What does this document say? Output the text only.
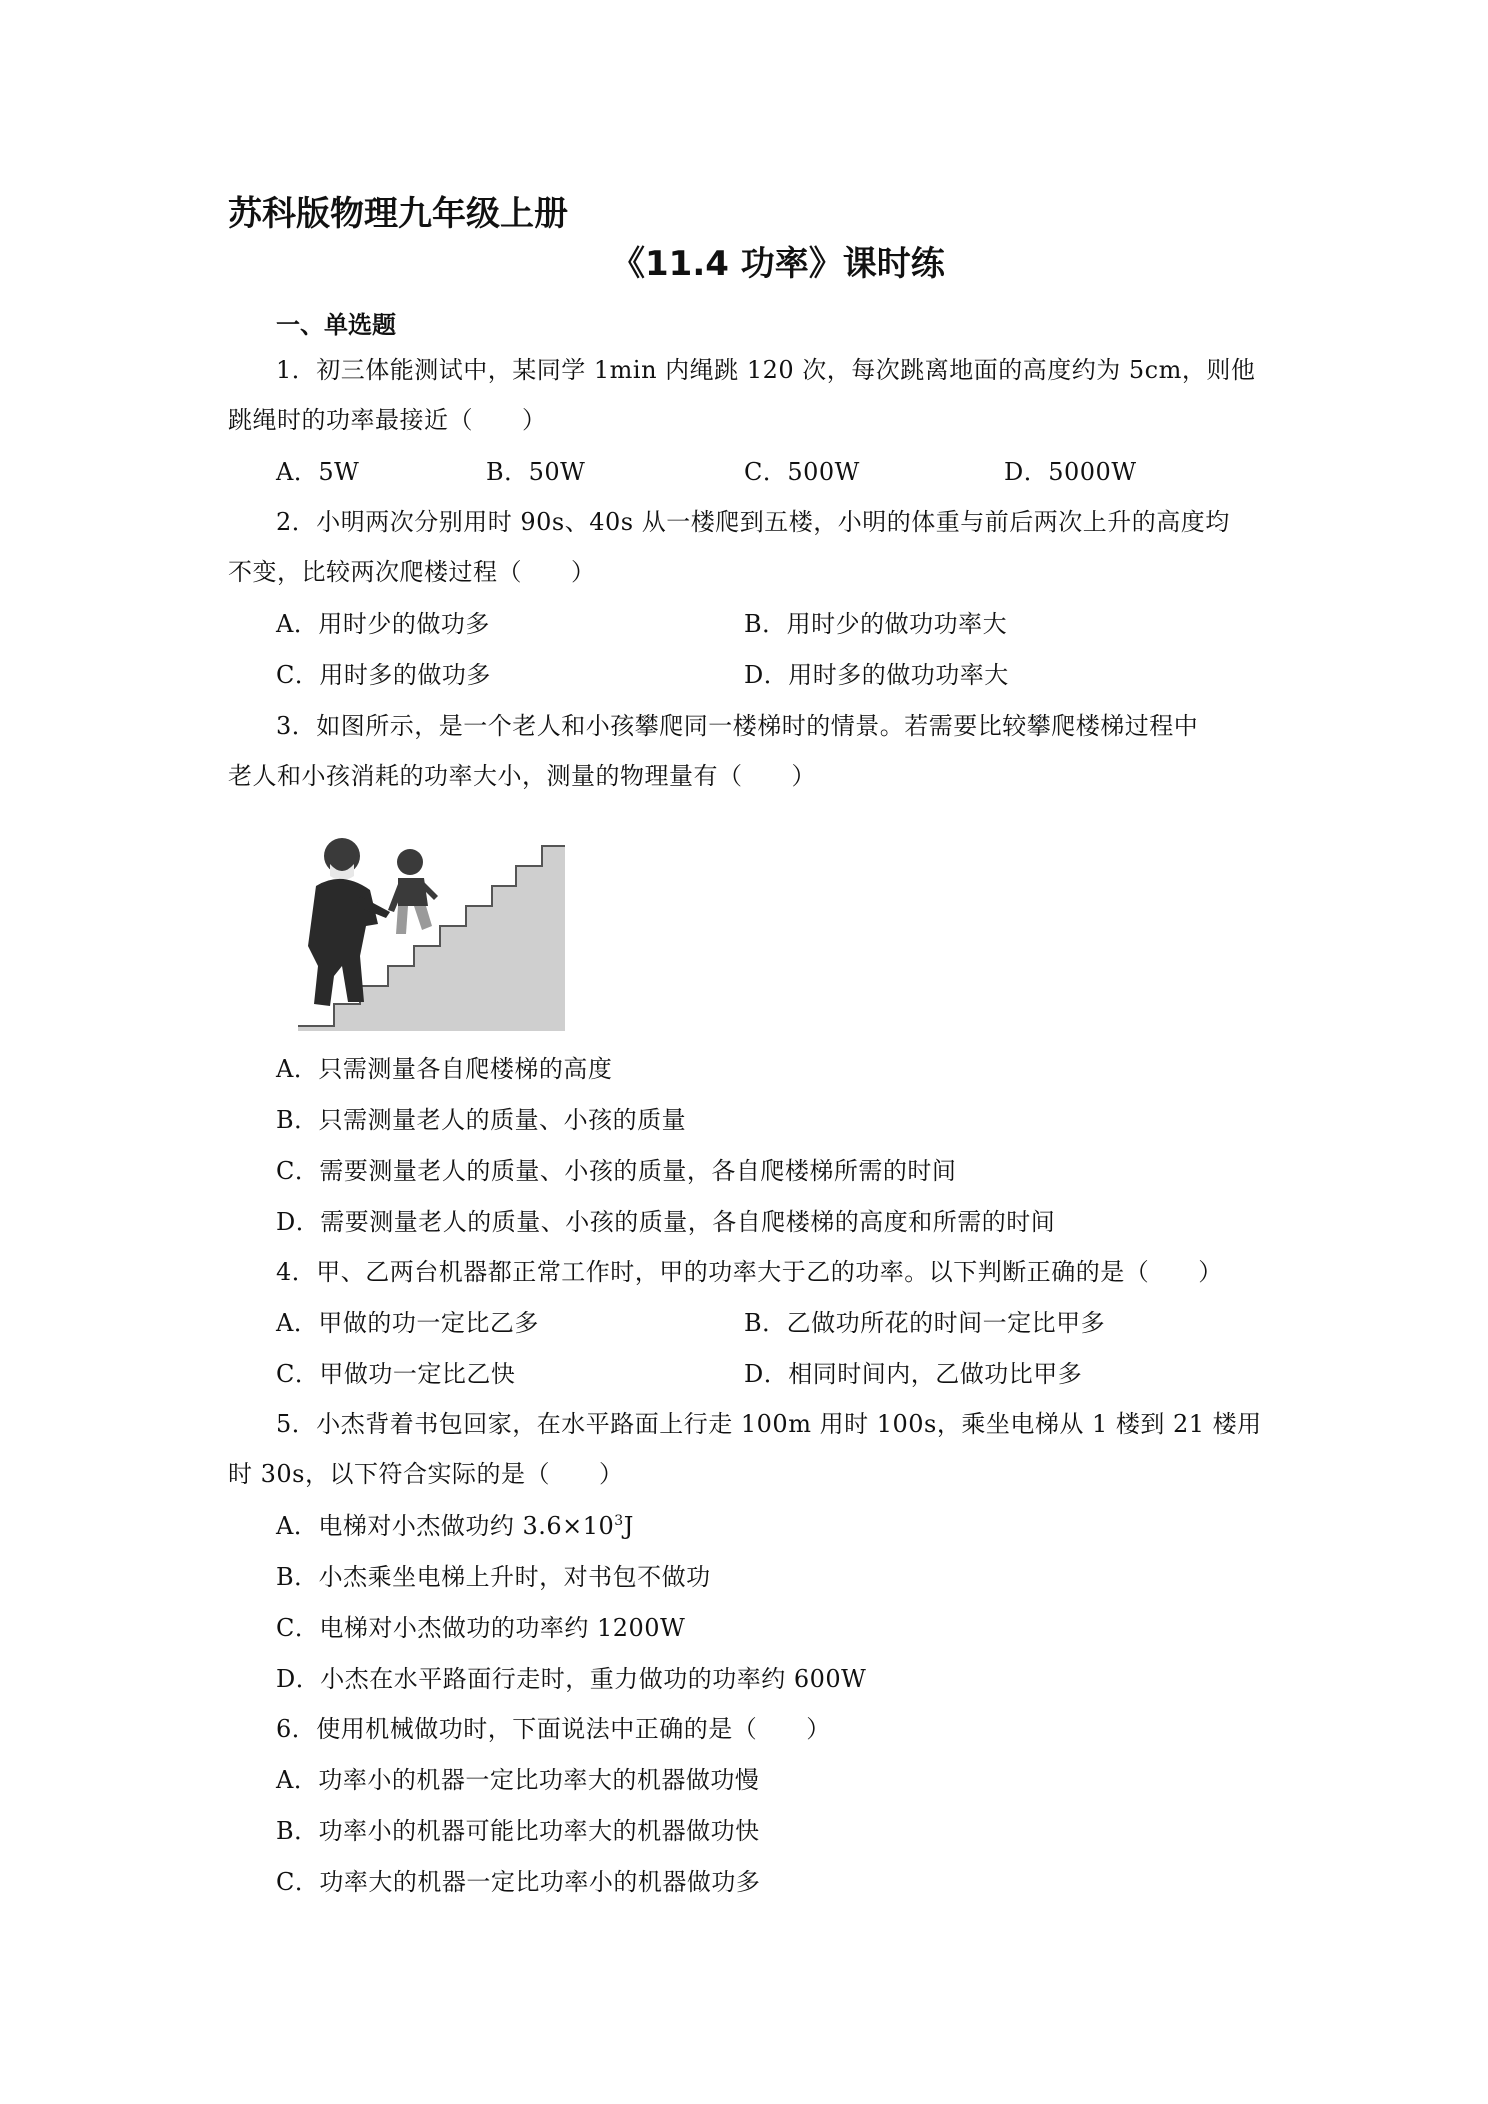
苏科版物理九年级上册
《11.4 功率》课时练
一、单选题
1．初三体能测试中，某同学 1min 内绳跳 120 次，每次跳离地面的高度约为 5cm，则他
跳绳时的功率最接近（　　）
A．5W	B．50W	C．500W	D．5000W
2．小明两次分别用时 90s、40s 从一楼爬到五楼，小明的体重与前后两次上升的高度均
不变，比较两次爬楼过程（　　）
A．用时少的做功多	B．用时少的做功功率大
C．用时多的做功多	D．用时多的做功功率大
3．如图所示，是一个老人和小孩攀爬同一楼梯时的情景。若需要比较攀爬楼梯过程中
老人和小孩消耗的功率大小，测量的物理量有（　　）
A．只需测量各自爬楼梯的高度
B．只需测量老人的质量、小孩的质量
C．需要测量老人的质量、小孩的质量，各自爬楼梯所需的时间
D．需要测量老人的质量、小孩的质量，各自爬楼梯的高度和所需的时间
4．甲、乙两台机器都正常工作时，甲的功率大于乙的功率。以下判断正确的是（　　）
A．甲做的功一定比乙多	B．乙做功所花的时间一定比甲多
C．甲做功一定比乙快	D．相同时间内，乙做功比甲多
5．小杰背着书包回家，在水平路面上行走 100m 用时 100s，乘坐电梯从 1 楼到 21 楼用
时 30s，以下符合实际的是（　　）
A．电梯对小杰做功约 $3.6\times 10^3J$
B．小杰乘坐电梯上升时，对书包不做功
C．电梯对小杰做功的功率约 1200W
D．小杰在水平路面行走时，重力做功的功率约 600W
6．使用机械做功时，下面说法中正确的是（　　）
A．功率小的机器一定比功率大的机器做功慢
B．功率小的机器可能比功率大的机器做功快
C．功率大的机器一定比功率小的机器做功多
